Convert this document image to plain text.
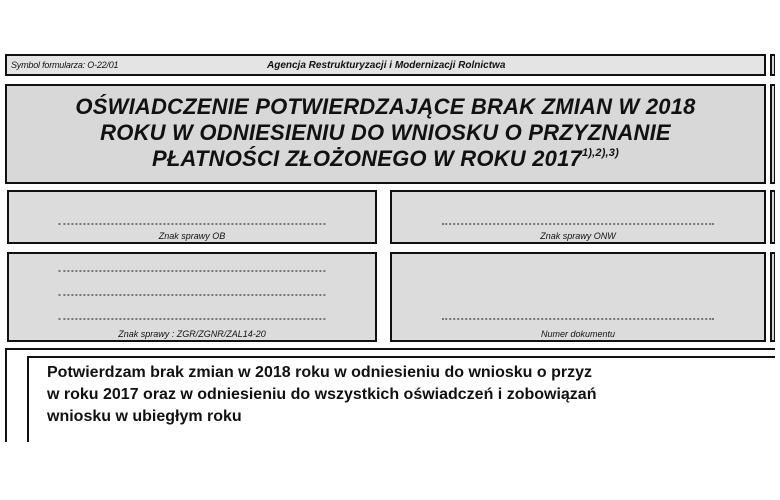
Symbol formularza: O-22/01	Agencja Restrukturyzacji i Modernizacji Rolnictwa
OŚWIADCZENIE POTWIERDZAJĄCE BRAK ZMIAN W 2018
ROKU W ODNIESIENIU DO WNIOSKU O PRZYZNANIE
PŁATNOŚCI ZŁOŻONEGO W ROKU $2017^{1),2),3)}$
Znak sprawy OB	Znak sprawy ONW
Znak sprawy : ZGR/ZGNR/ZAL14-20	Numer dokumentu
Potwierdzam brak zmian w 2018 roku w odniesieniu do wniosku o przyz
w roku 2017 oraz w odniesieniu do wszystkich oświadczeń i zobowiązań
wniosku w ubiegłym roku
